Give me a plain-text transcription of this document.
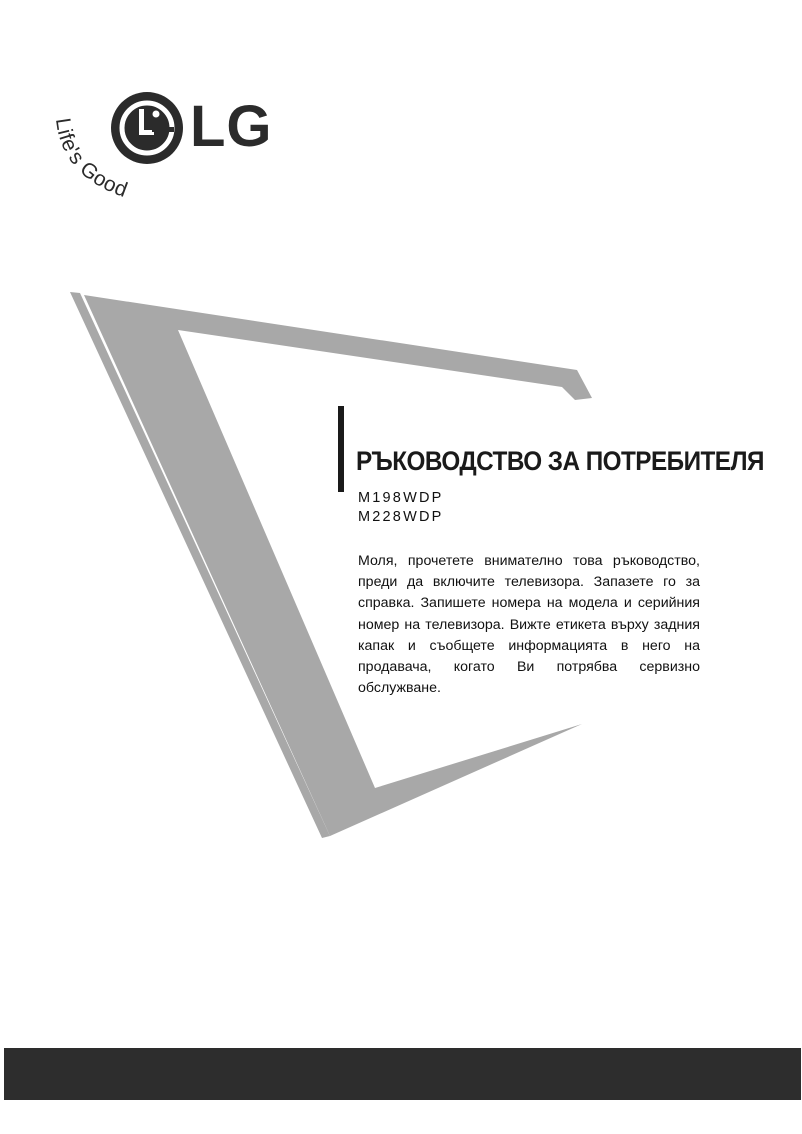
LG
Life's Good
РЪКОВОДСТВО ЗА ПОТРЕБИТЕЛЯ
M198WDP
M228WDP
Моля, прочетете внимателно това ръководство, преди да включите телевизора. Запазете го за справка. Запишете номера на модела и серийния номер на телевизора. Вижте етикета върху задния капак и съобщете информацията в него на продавача, когато Ви потрябва сервизно обслужване.
